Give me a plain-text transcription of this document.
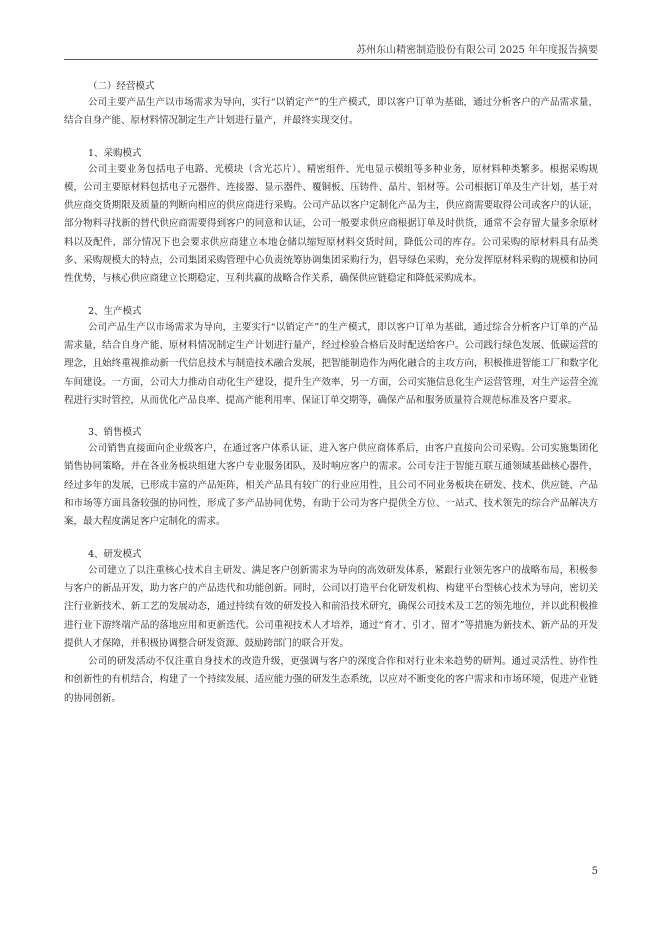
苏州东山精密制造股份有限公司 2025 年年度报告摘要

（二）经营模式

公司主要产品生产以市场需求为导向，实行“以销定产”的生产模式，即以客户订单为基础，通过分析客户的产品需求量，结合自身产能、原材料情况制定生产计划进行量产，并最终实现交付。

1、采购模式

公司主要业务包括电子电路、光模块（含光芯片）、精密组件、光电显示模组等多种业务，原材料种类繁多。根据采购规模，公司主要原材料包括电子元器件、连接器、显示器件、覆铜板、压铸件、晶片、铝材等。公司根据订单及生产计划，基于对供应商交货期限及质量的判断向相应的供应商进行采购。公司产品以客户定制化产品为主，供应商需要取得公司或客户的认证，部分物料寻找新的替代供应商需要得到客户的同意和认证，公司一般要求供应商根据订单及时供货，通常不会存留大量多余原材料以及配件，部分情况下也会要求供应商建立本地仓储以缩短原材料交货时间，降低公司的库存。公司采购的原材料具有品类多、采购规模大的特点，公司集团采购管理中心负责统筹协调集团采购行为，倡导绿色采购，充分发挥原材料采购的规模和协同性优势，与核心供应商建立长期稳定、互利共赢的战略合作关系，确保供应链稳定和降低采购成本。

2、生产模式

公司产品生产以市场需求为导向，主要实行“以销定产”的生产模式，即以客户订单为基础，通过综合分析客户订单的产品需求量，结合自身产能、原材料情况制定生产计划进行量产，经过检验合格后及时配送给客户。公司践行绿色发展、低碳运营的理念，且始终重视推动新一代信息技术与制造技术融合发展，把智能制造作为两化融合的主攻方向，积极推进智能工厂和数字化车间建设。一方面，公司大力推动自动化生产建设，提升生产效率，另一方面，公司实施信息化生产运营管理，对生产运营全流程进行实时管控，从而优化产品良率、提高产能利用率、保证订单交期等，确保产品和服务质量符合规范标准及客户要求。

3、销售模式

公司销售直接面向企业级客户，在通过客户体系认证、进入客户供应商体系后，由客户直接向公司采购。公司实施集团化销售协同策略，并在各业务板块组建大客户专业服务团队，及时响应客户的需求。公司专注于智能互联互通领域基础核心器件，经过多年的发展，已形成丰富的产品矩阵，相关产品具有较广的行业应用性，且公司不同业务板块在研发、技术、供应链、产品和市场等方面具备较强的协同性，形成了多产品协同优势，有助于公司为客户提供全方位、一站式、技术领先的综合产品解决方案，最大程度满足客户定制化的需求。

4、研发模式

公司建立了以注重核心技术自主研发、满足客户创新需求为导向的高效研发体系，紧跟行业领先客户的战略布局，积极参与客户的新品开发，助力客户的产品迭代和功能创新。同时，公司以打造平台化研发机构、构建平台型核心技术为导向，密切关注行业新技术、新工艺的发展动态，通过持续有效的研发投入和前沿技术研究，确保公司技术及工艺的领先地位，并以此积极推进行业下游终端产品的落地应用和更新迭代。公司重视技术人才培养，通过“育才、引才、留才”等措施为新技术、新产品的开发提供人才保障，并积极协调整合研发资源、鼓励跨部门的联合开发。

公司的研发活动不仅注重自身技术的改造升级，更强调与客户的深度合作和对行业未来趋势的研判。通过灵活性、协作性和创新性的有机结合，构建了一个持续发展、适应能力强的研发生态系统，以应对不断变化的客户需求和市场环境，促进产业链的协同创新。

5
